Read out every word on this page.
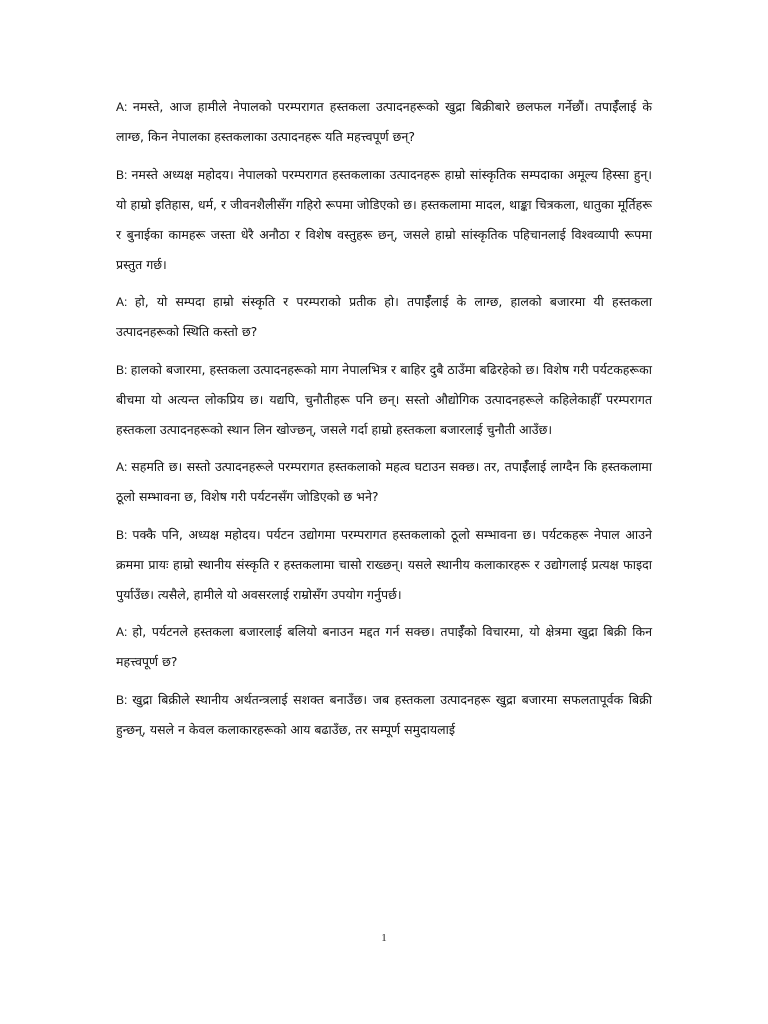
A: नमस्ते, आज हामीले नेपालको परम्परागत हस्तकला उत्पादनहरूको खुद्रा बिक्रीबारे छलफल गर्नेछौं। तपाईँलाई के लाग्छ, किन नेपालका हस्तकलाका उत्पादनहरू यति महत्त्वपूर्ण छन्?

B: नमस्ते अध्यक्ष महोदय। नेपालको परम्परागत हस्तकलाका उत्पादनहरू हाम्रो सांस्कृतिक सम्पदाका अमूल्य हिस्सा हुन्। यो हाम्रो इतिहास, धर्म, र जीवनशैलीसँग गहिरो रूपमा जोडिएको छ। हस्तकलामा मादल, थाङ्का चित्रकला, धातुका मूर्तिहरू र बुनाईका कामहरू जस्ता धेरै अनौठा र विशेष वस्तुहरू छन्, जसले हाम्रो सांस्कृतिक पहिचानलाई विश्वव्यापी रूपमा प्रस्तुत गर्छ।

A: हो, यो सम्पदा हाम्रो संस्कृति र परम्पराको प्रतीक हो। तपाईँलाई के लाग्छ, हालको बजारमा यी हस्तकला उत्पादनहरूको स्थिति कस्तो छ?

B: हालको बजारमा, हस्तकला उत्पादनहरूको माग नेपालभित्र र बाहिर दुबै ठाउँमा बढिरहेको छ। विशेष गरी पर्यटकहरूका बीचमा यो अत्यन्त लोकप्रिय छ। यद्यपि, चुनौतीहरू पनि छन्। सस्तो औद्योगिक उत्पादनहरूले कहिलेकाहीँ परम्परागत हस्तकला उत्पादनहरूको स्थान लिन खोज्छन्, जसले गर्दा हाम्रो हस्तकला बजारलाई चुनौती आउँछ।

A: सहमति छ। सस्तो उत्पादनहरूले परम्परागत हस्तकलाको महत्व घटाउन सक्छ। तर, तपाईँलाई लाग्दैन कि हस्तकलामा ठूलो सम्भावना छ, विशेष गरी पर्यटनसँग जोडिएको छ भने?

B: पक्कै पनि, अध्यक्ष महोदय। पर्यटन उद्योगमा परम्परागत हस्तकलाको ठूलो सम्भावना छ। पर्यटकहरू नेपाल आउने क्रममा प्रायः हाम्रो स्थानीय संस्कृति र हस्तकलामा चासो राख्छन्। यसले स्थानीय कलाकारहरू र उद्योगलाई प्रत्यक्ष फाइदा पुर्याउँछ। त्यसैले, हामीले यो अवसरलाई राम्रोसँग उपयोग गर्नुपर्छ।

A: हो, पर्यटनले हस्तकला बजारलाई बलियो बनाउन मद्दत गर्न सक्छ। तपाईँको विचारमा, यो क्षेत्रमा खुद्रा बिक्री किन महत्त्वपूर्ण छ?

B: खुद्रा बिक्रीले स्थानीय अर्थतन्त्रलाई सशक्त बनाउँछ। जब हस्तकला उत्पादनहरू खुद्रा बजारमा सफलतापूर्वक बिक्री हुन्छन्, यसले न केवल कलाकारहरूको आय बढाउँछ, तर सम्पूर्ण समुदायलाई

1
